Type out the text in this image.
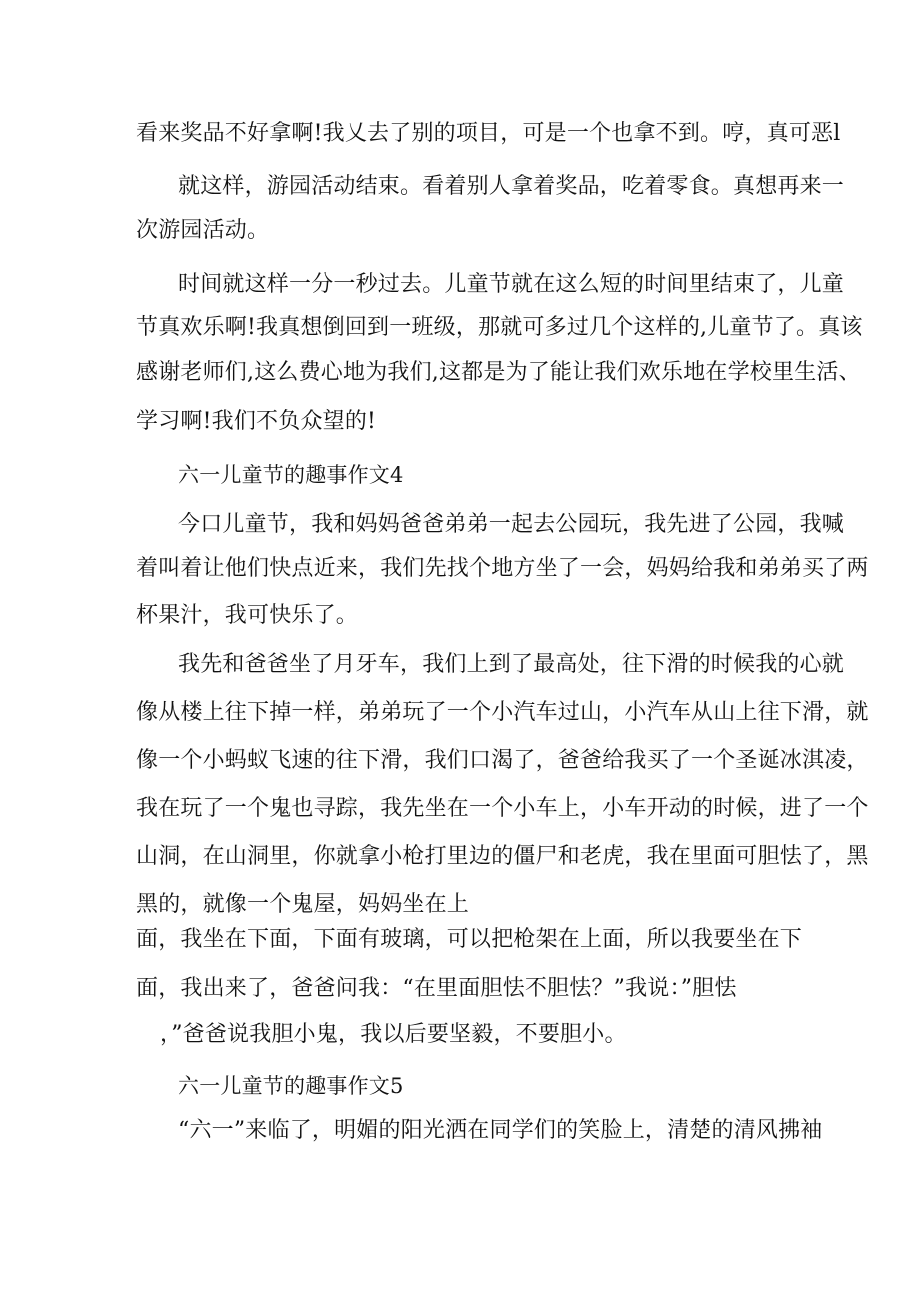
看来奖品不好拿啊!我乂去了别的项目，可是一个也拿不到。哼，真可恶l
就这样，游园活动结束。看着别人拿着奖品，吃着零食。真想再来一
次游园活动。
时间就这样一分一秒过去。儿童节就在这么短的时间里结束了，儿童
节真欢乐啊!我真想倒回到一班级，那就可多过几个这样的,儿童节了。真该
感谢老师们,这么费心地为我们,这都是为了能让我们欢乐地在学校里生活、
学习啊!我们不负众望的!
六一儿童节的趣事作文4
今口儿童节，我和妈妈爸爸弟弟一起去公园玩，我先进了公园，我喊
着叫着让他们快点近来，我们先找个地方坐了一会，妈妈给我和弟弟买了两
杯果汁，我可快乐了。
我先和爸爸坐了月牙车，我们上到了最高处，往下滑的时候我的心就
像从楼上往下掉一样，弟弟玩了一个小汽车过山，小汽车从山上往下滑，就
像一个小蚂蚁飞速的往下滑，我们口渴了，爸爸给我买了一个圣诞冰淇凌，
我在玩了一个鬼也寻踪，我先坐在一个小车上，小车开动的时候，进了一个
山洞，在山洞里，你就拿小枪打里边的僵尸和老虎，我在里面可胆怯了，黑
黑的，就像一个鬼屋，妈妈坐在上
面，我坐在下面，下面有玻璃，可以把枪架在上面，所以我要坐在下
面，我出来了，爸爸问我：“在里面胆怯不胆怯？”我说：”胆怯
，”爸爸说我胆小鬼，我以后要坚毅，不要胆小。
六一儿童节的趣事作文5
“六一”来临了，明媚的阳光洒在同学们的笑脸上，清楚的清风拂袖
